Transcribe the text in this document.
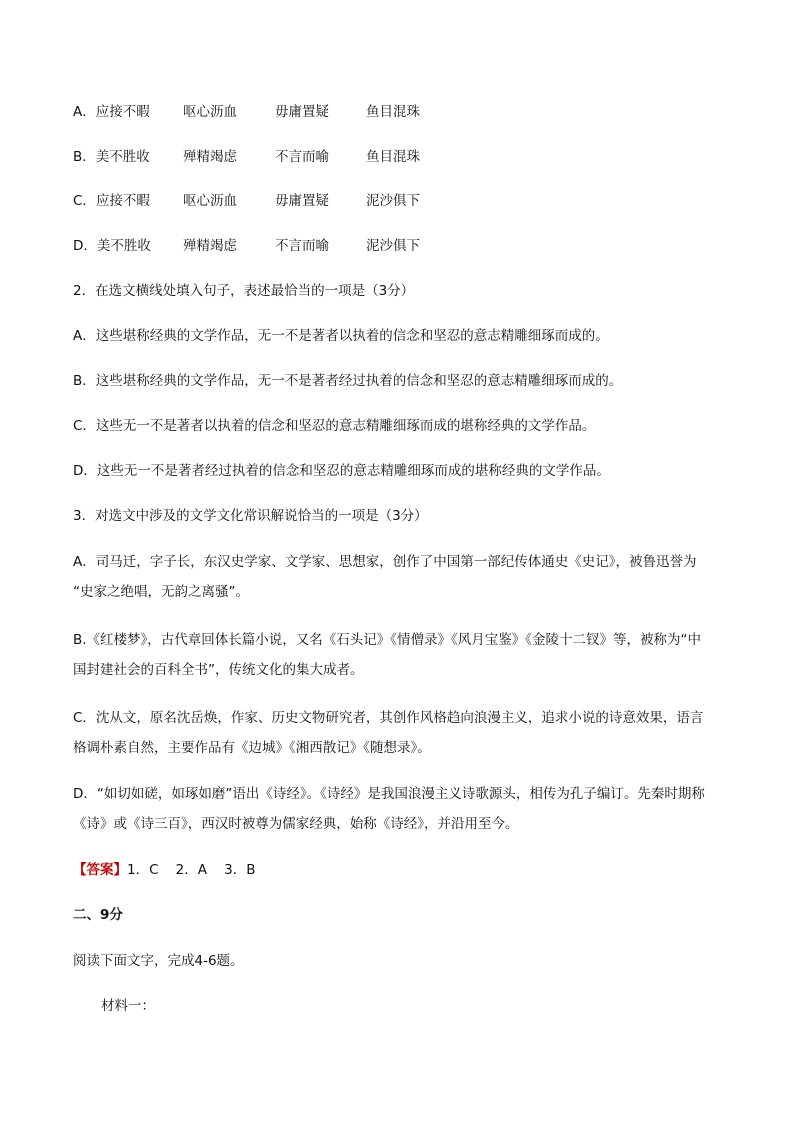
A．应接不暇 呕心沥血	毋庸置疑	鱼目混珠
B．美不胜收 殚精竭虑	不言而喻	鱼目混珠
C．应接不暇 呕心沥血	毋庸置疑	泥沙俱下
D．美不胜收 殚精竭虑	不言而喻	泥沙俱下
2．在选文横线处填入句子，表述最恰当的一项是（3分）
A．这些堪称经典的文学作品，无一不是著者以执着的信念和坚忍的意志精雕细琢而成的。
B．这些堪称经典的文学作品，无一不是著者经过执着的信念和坚忍的意志精雕细琢而成的。
C．这些无一不是著者以执着的信念和坚忍的意志精雕细琢而成的堪称经典的文学作品。
D．这些无一不是著者经过执着的信念和坚忍的意志精雕细琢而成的堪称经典的文学作品。
3．对选文中涉及的文学文化常识解说恰当的一项是（3分）
A．司马迁，字子长，东汉史学家、文学家、思想家，创作了中国第一部纪传体通史《史记》，被鲁迅誉为
“史家之绝唱，无韵之离骚”。
B.《红楼梦》，古代章回体长篇小说，又名《石头记》《情僧录》《风月宝鉴》《金陵十二钗》等，被称为“中
国封建社会的百科全书”，传统文化的集大成者。
C．沈从文，原名沈岳焕，作家、历史文物研究者，其创作风格趋向浪漫主义，追求小说的诗意效果，语言
格调朴素自然，主要作品有《边城》《湘西散记》《随想录》。
D．“如切如磋，如琢如磨”语出《诗经》。《诗经》是我国浪漫主义诗歌源头，相传为孔子编订。先秦时期称
《诗》或《诗三百》，西汉时被尊为儒家经典，始称《诗经》，并沿用至今。
【答案】1．C    2．A    3．B
二、9分
阅读下面文字，完成4-6题。
材料一：
